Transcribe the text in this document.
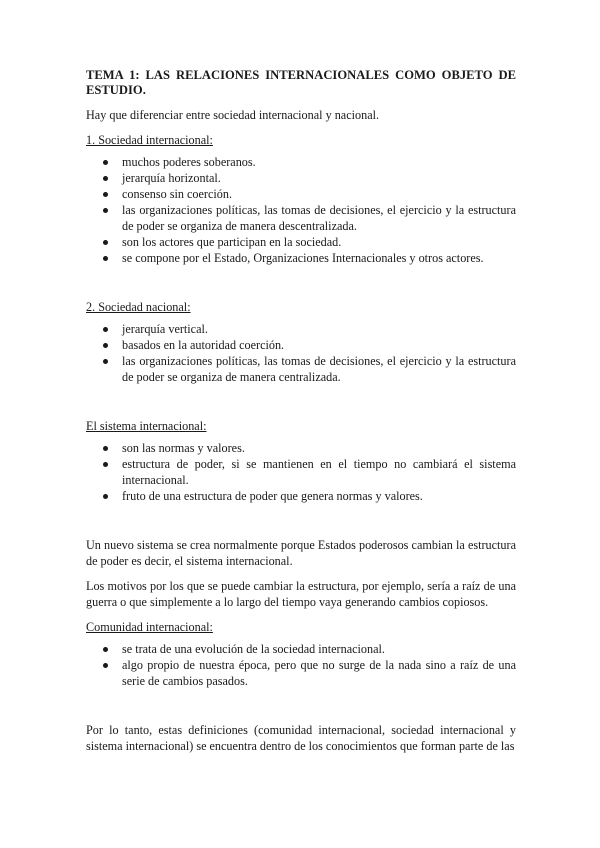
TEMA 1: LAS RELACIONES INTERNACIONALES COMO OBJETO DE ESTUDIO.

Hay que diferenciar entre sociedad internacional y nacional.

1. Sociedad internacional:
muchos poderes soberanos.
jerarquía horizontal.
consenso sin coerción.
las organizaciones políticas, las tomas de decisiones, el ejercicio y la estructura de poder se organiza de manera descentralizada.
son los actores que participan en la sociedad.
se compone por el Estado, Organizaciones Internacionales y otros actores.
2. Sociedad nacional:
jerarquía vertical.
basados en la autoridad coerción.
las organizaciones políticas, las tomas de decisiones, el ejercicio y la estructura de poder se organiza de manera centralizada.
El sistema internacional:
son las normas y valores.
estructura de poder, si se mantienen en el tiempo no cambiará el sistema internacional.
fruto de una estructura de poder que genera normas y valores.

Un nuevo sistema se crea normalmente porque Estados poderosos cambian la estructura de poder es decir, el sistema internacional.

Los motivos por los que se puede cambiar la estructura, por ejemplo, sería a raíz de una guerra o que simplemente a lo largo del tiempo vaya generando cambios copiosos.

Comunidad internacional:
se trata de una evolución de la sociedad internacional.
algo propio de nuestra época, pero que no surge de la nada sino a raíz de una serie de cambios pasados.

Por lo tanto, estas definiciones (comunidad internacional, sociedad internacional y sistema internacional) se encuentra dentro de los conocimientos que forman parte de las
